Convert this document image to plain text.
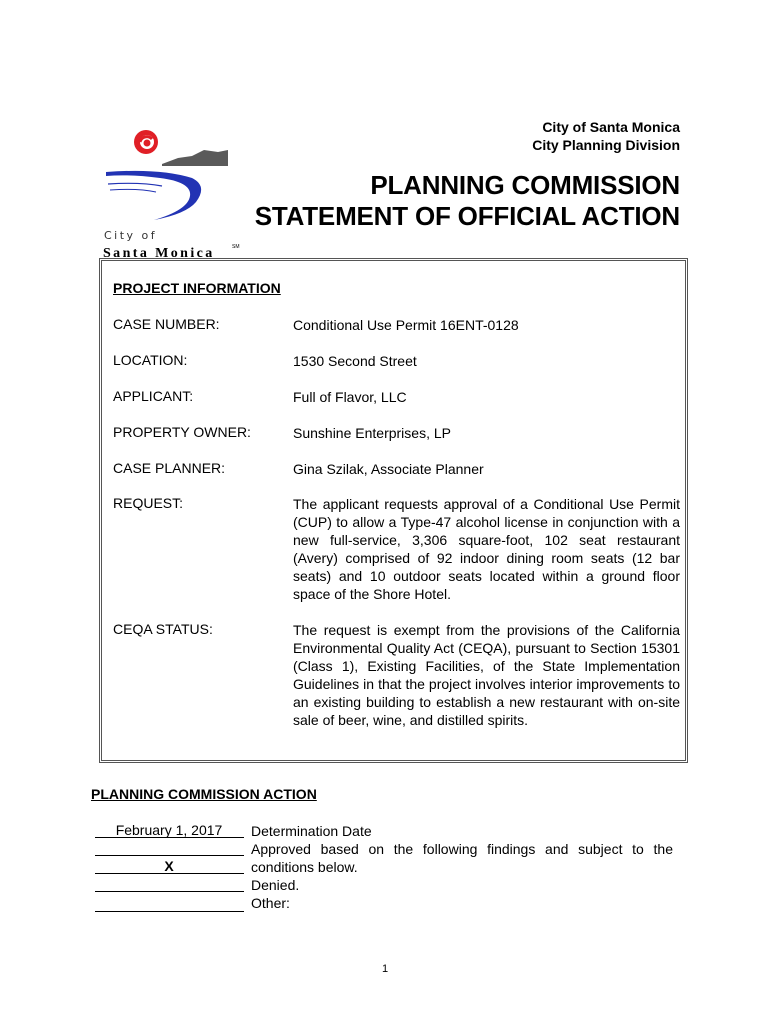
City of
Santa Monica	SM
City of Santa Monica
City Planning Division
PLANNING COMMISSION
STATEMENT OF OFFICIAL ACTION
PROJECT INFORMATION
CASE NUMBER:	Conditional Use Permit 16ENT-0128
LOCATION:	1530 Second Street
APPLICANT:	Full of Flavor, LLC
PROPERTY OWNER:	Sunshine Enterprises, LP
CASE PLANNER:	Gina Szilak, Associate Planner
REQUEST:	The applicant requests approval of a Conditional Use Permit (CUP) to allow a Type-47 alcohol license in conjunction with a new full-service, 3,306 square-foot, 102 seat restaurant (Avery) comprised of 92 indoor dining room seats (12 bar seats) and 10 outdoor seats located within a ground floor space of the Shore Hotel.
CEQA STATUS:	The request is exempt from the provisions of the California Environmental Quality Act (CEQA), pursuant to Section 15301 (Class 1), Existing Facilities, of the State Implementation Guidelines in that the project involves interior improvements to an existing building to establish a new restaurant with on-site sale of beer, wine, and distilled spirits.
PLANNING COMMISSION ACTION
February 1, 2017	Determination Date
X
Approved based on the following findings and subject to the conditions below.
Denied.
Other:
1
